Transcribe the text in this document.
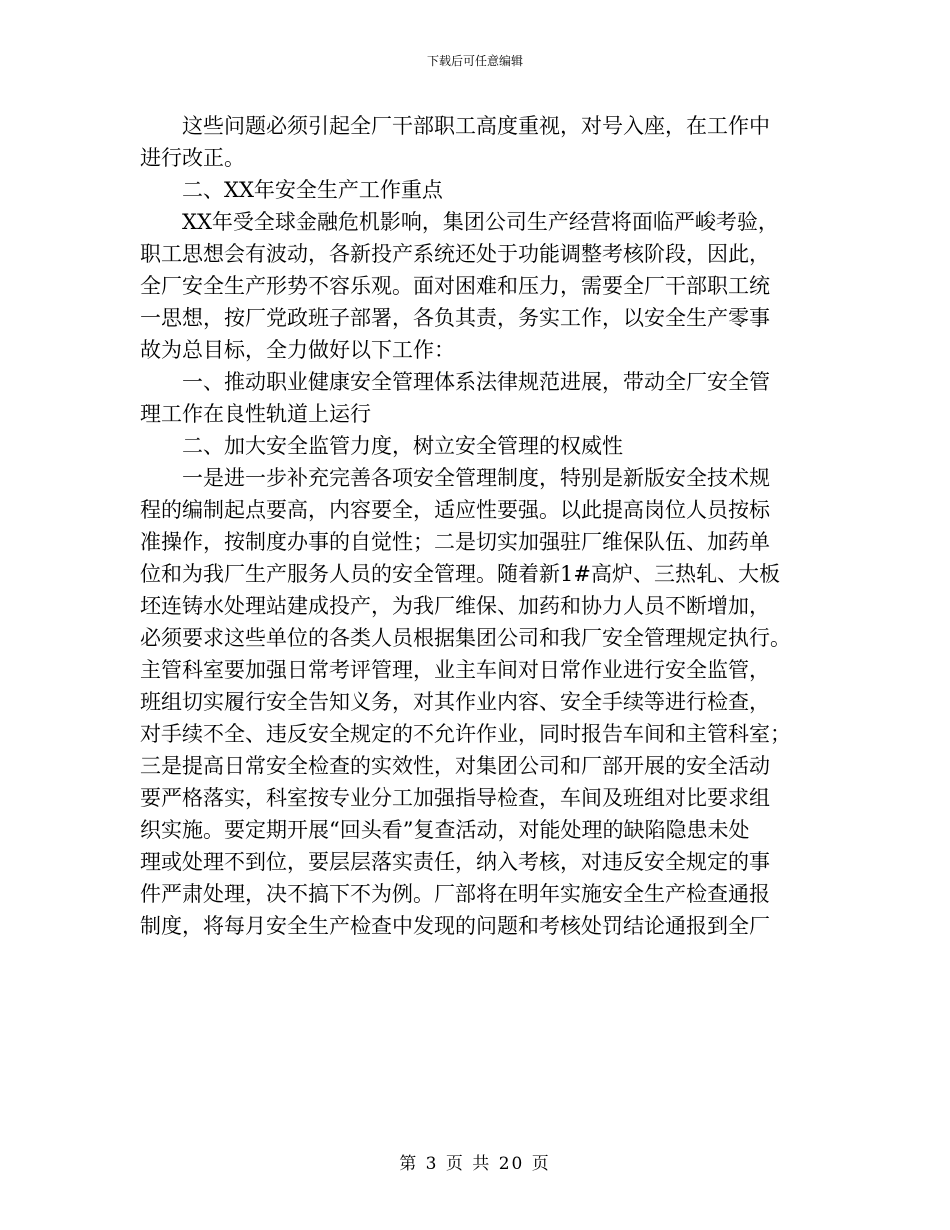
下载后可任意编辑
　　这些问题必须引起全厂干部职工高度重视，对号入座，在工作中
进行改正。
　　二、XX年安全生产工作重点
　　XX年受全球金融危机影响，集团公司生产经营将面临严峻考验，
职工思想会有波动，各新投产系统还处于功能调整考核阶段，因此，
全厂安全生产形势不容乐观。面对困难和压力，需要全厂干部职工统
一思想，按厂党政班子部署，各负其责，务实工作，以安全生产零事
故为总目标，全力做好以下工作：
　　一、推动职业健康安全管理体系法律规范进展，带动全厂安全管
理工作在良性轨道上运行
　　二、加大安全监管力度，树立安全管理的权威性
　　一是进一步补充完善各项安全管理制度，特别是新版安全技术规
程的编制起点要高，内容要全，适应性要强。以此提高岗位人员按标
准操作，按制度办事的自觉性；二是切实加强驻厂维保队伍、加药单
位和为我厂生产服务人员的安全管理。随着新1#高炉、三热轧、大板
坯连铸水处理站建成投产，为我厂维保、加药和协力人员不断增加，
必须要求这些单位的各类人员根据集团公司和我厂安全管理规定执行。
主管科室要加强日常考评管理，业主车间对日常作业进行安全监管，
班组切实履行安全告知义务，对其作业内容、安全手续等进行检查，
对手续不全、违反安全规定的不允许作业，同时报告车间和主管科室；
三是提高日常安全检查的实效性，对集团公司和厂部开展的安全活动
要严格落实，科室按专业分工加强指导检查，车间及班组对比要求组
织实施。要定期开展“回头看”复查活动，对能处理的缺陷隐患未处
理或处理不到位，要层层落实责任，纳入考核，对违反安全规定的事
件严肃处理，决不搞下不为例。厂部将在明年实施安全生产检查通报
制度，将每月安全生产检查中发现的问题和考核处罚结论通报到全厂
第 3 页 共 20 页
